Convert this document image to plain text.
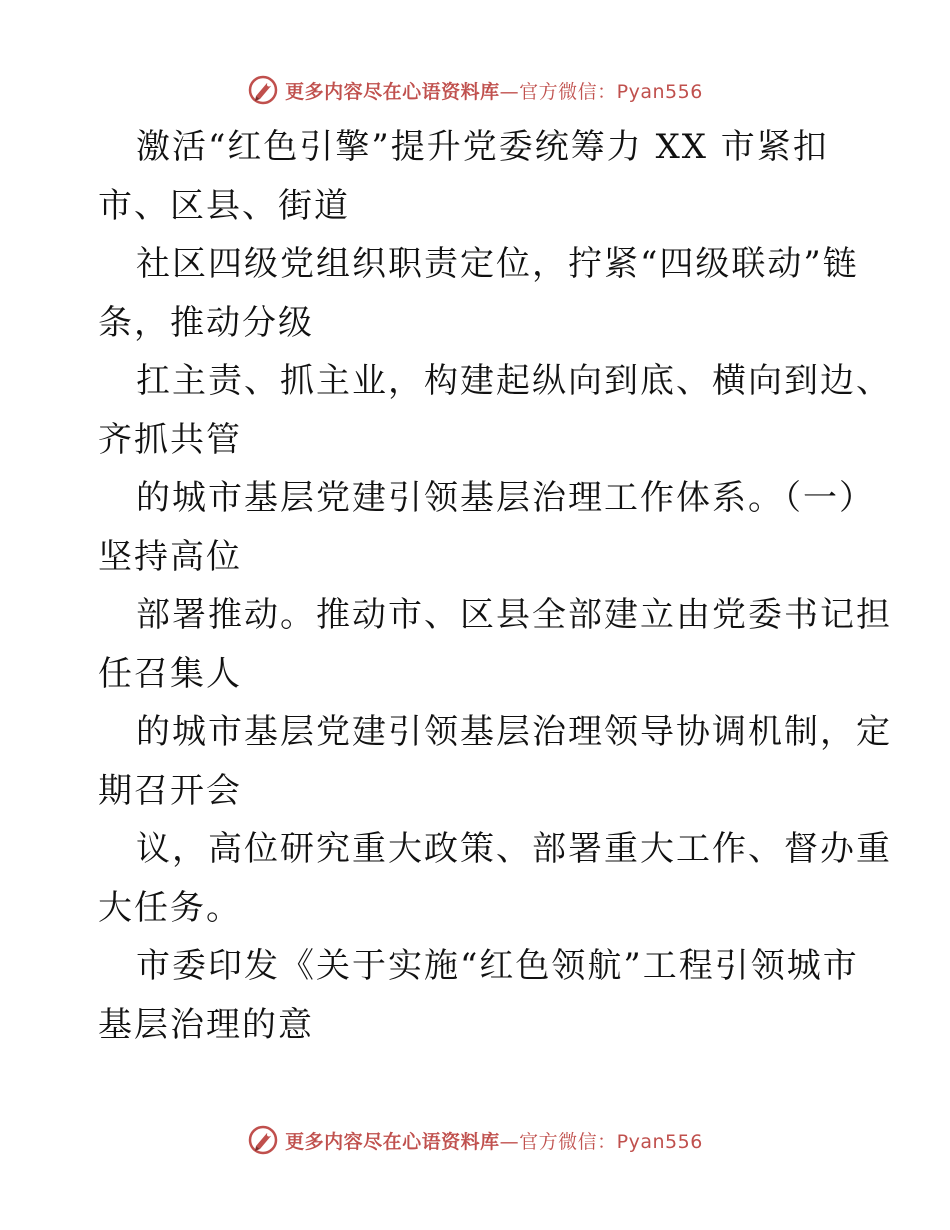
更多内容尽在心语资料库—官方微信：Pyan556
激活“红色引擎”提升党委统筹力 XX 市紧扣
市、区县、街道
社区四级党组织职责定位，拧紧“四级联动”链
条，推动分级
扛主责、抓主业，构建起纵向到底、横向到边、
齐抓共管
的城市基层党建引领基层治理工作体系。（一）
坚持高位
部署推动。推动市、区县全部建立由党委书记担
任召集人
的城市基层党建引领基层治理领导协调机制，定
期召开会
议，高位研究重大政策、部署重大工作、督办重
大任务。
市委印发《关于实施“红色领航”工程引领城市
基层治理的意
更多内容尽在心语资料库—官方微信：Pyan556
